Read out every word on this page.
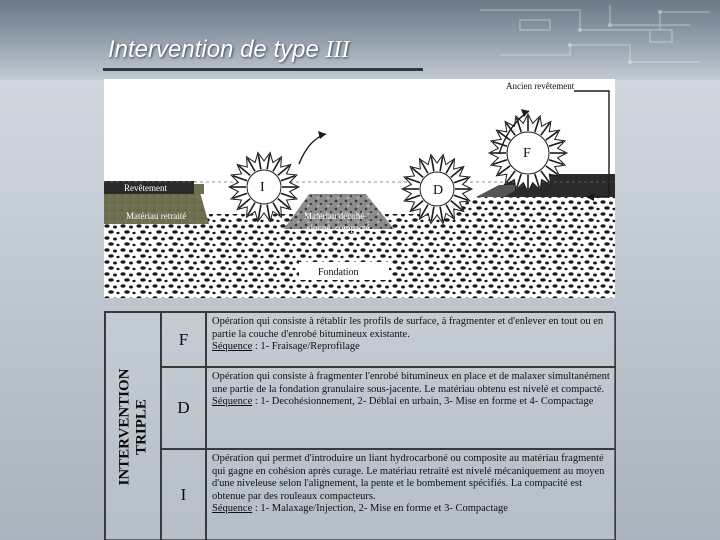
Intervention de type III
Ancien revêtement
Revêtement
Matériau retraité	Matériau décohé-
sionné, compacté
Fondation
I	D
F
INTERVENTION TRIPLE
F
Opération qui consiste à rétablir les profils de surface, à fragmenter et d'enlever en tout ou en partie la couche d'enrobé bitumineux existante.
Séquence : 1- Fraisage/Reprofilage
D
Opération qui consiste à fragmenter l'enrobé bitumineux en place et de malaxer simultanément une partie de la fondation granulaire sous-jacente. Le matériau obtenu est nivelé et compacté.
Séquence : 1- Decohésionnement, 2- Déblai en urbain, 3- Mise en forme et 4- Compactage
I
Opération qui permet d'introduire un liant hydrocarboné ou composite au matériau fragmenté qui gagne en cohésion après curage. Le matériau retraité est nivelé mécaniquement au moyen d'une niveleuse selon l'alignement, la pente et le bombement spécifiés. La compacité est obtenue par des rouleaux compacteurs.
Séquence : 1- Malaxage/Injection, 2- Mise en forme et 3- Compactage
